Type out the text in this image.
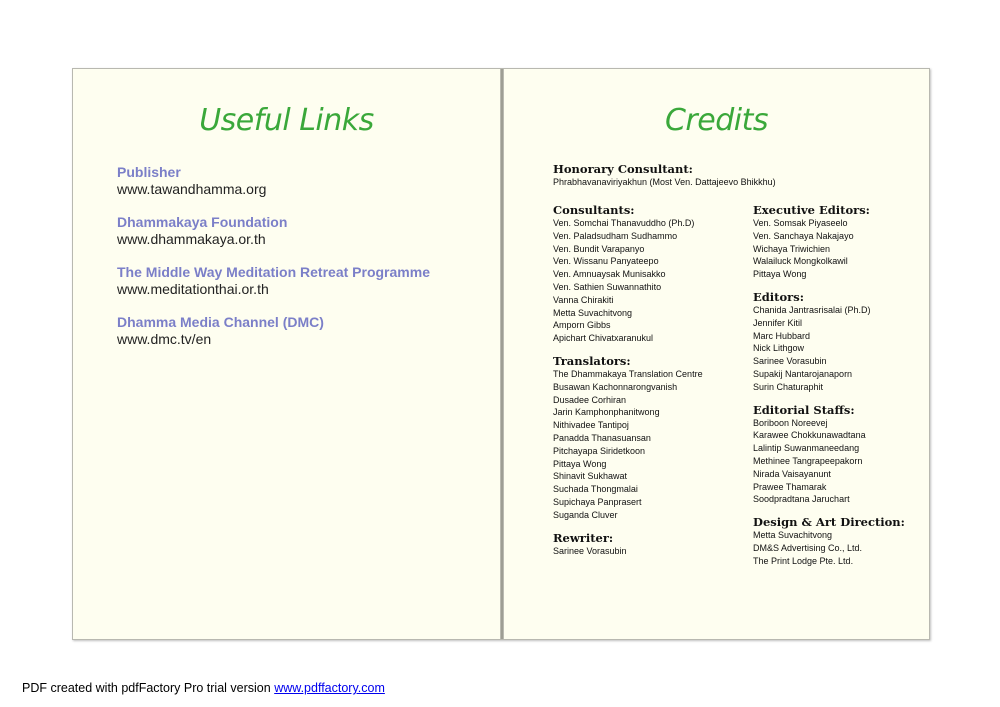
Useful Links
Publisher
www.tawandhamma.org
Dhammakaya Foundation
www.dhammakaya.or.th
The Middle Way Meditation Retreat Programme
www.meditationthai.or.th
Dhamma Media Channel (DMC)
www.dmc.tv/en
Credits
Honorary Consultant:
Phrabhavanaviriyakhun (Most Ven. Dattajeevo Bhikkhu)
Consultants:
Ven. Somchai Thanavuddho (Ph.D)
Ven. Paladsudham Sudhammo
Ven. Bundit Varapanyo
Ven. Wissanu Panyateepo
Ven. Amnuaysak Munisakko
Ven. Sathien Suwannathito
Vanna Chirakiti
Metta Suvachitvong
Amporn Gibbs
Apichart Chivatxaranukul
Translators:
The Dhammakaya Translation Centre
Busawan Kachonnarongvanish
Dusadee Corhiran
Jarin Kamphonphanitwong
Nithivadee Tantipoj
Panadda Thanasuansan
Pitchayapa Siridetkoon
Pittaya Wong
Shinavit Sukhawat
Suchada Thongmalai
Supichaya Panprasert
Suganda Cluver
Rewriter:
Sarinee Vorasubin
Executive Editors:
Ven. Somsak Piyaseelo
Ven. Sanchaya Nakajayo
Wichaya Triwichien
Walailuck Mongkolkawil
Pittaya Wong
Editors:
Chanida Jantrasrisalai (Ph.D)
Jennifer Kitil
Marc Hubbard
Nick Lithgow
Sarinee Vorasubin
Supakij Nantarojanaporn
Surin Chaturaphit
Editorial Staffs:
Boriboon Noreevej
Karawee Chokkunawadtana
Lalintip Suwanmaneedang
Methinee Tangrapeepakorn
Nirada Vaisayanunt
Prawee Thamarak
Soodpradtana Jaruchart
Design & Art Direction:
Metta Suvachitvong
DM&S Advertising Co., Ltd.
The Print Lodge Pte. Ltd.
PDF created with pdfFactory Pro trial version www.pdffactory.com
